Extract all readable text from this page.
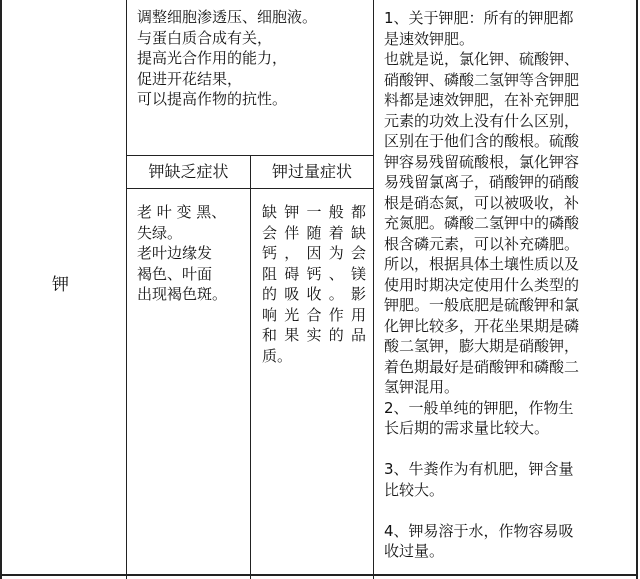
钾
调整细胞渗透压、细胞液。
与蛋白质合成有关，
提高光合作用的能力，
促进开花结果，
可以提高作物的抗性。
钾缺乏症状	钾过量症状
老 叶 变 黑、
失绿。
老叶边缘发
褐色、叶面
出现褐色斑。
缺钾一般都
会伴随着缺
钙，因为会
阻碍钙、镁
的吸收。影
响光合作用
和果实的品
质。
1、关于钾肥：所有的钾肥都
是速效钾肥。
也就是说，氯化钾、硫酸钾、
硝酸钾、磷酸二氢钾等含钾肥
料都是速效钾肥，在补充钾肥
元素的功效上没有什么区别，
区别在于他们含的酸根。硫酸
钾容易残留硫酸根，氯化钾容
易残留氯离子，硝酸钾的硝酸
根是硝态氮，可以被吸收，补
充氮肥。磷酸二氢钾中的磷酸
根含磷元素，可以补充磷肥。
所以，根据具体土壤性质以及
使用时期决定使用什么类型的
钾肥。一般底肥是硫酸钾和氯
化钾比较多，开花坐果期是磷
酸二氢钾，膨大期是硝酸钾，
着色期最好是硝酸钾和磷酸二
氢钾混用。
2、一般单纯的钾肥，作物生
长后期的需求量比较大。
3、牛粪作为有机肥，钾含量
比较大。
4、钾易溶于水，作物容易吸
收过量。
